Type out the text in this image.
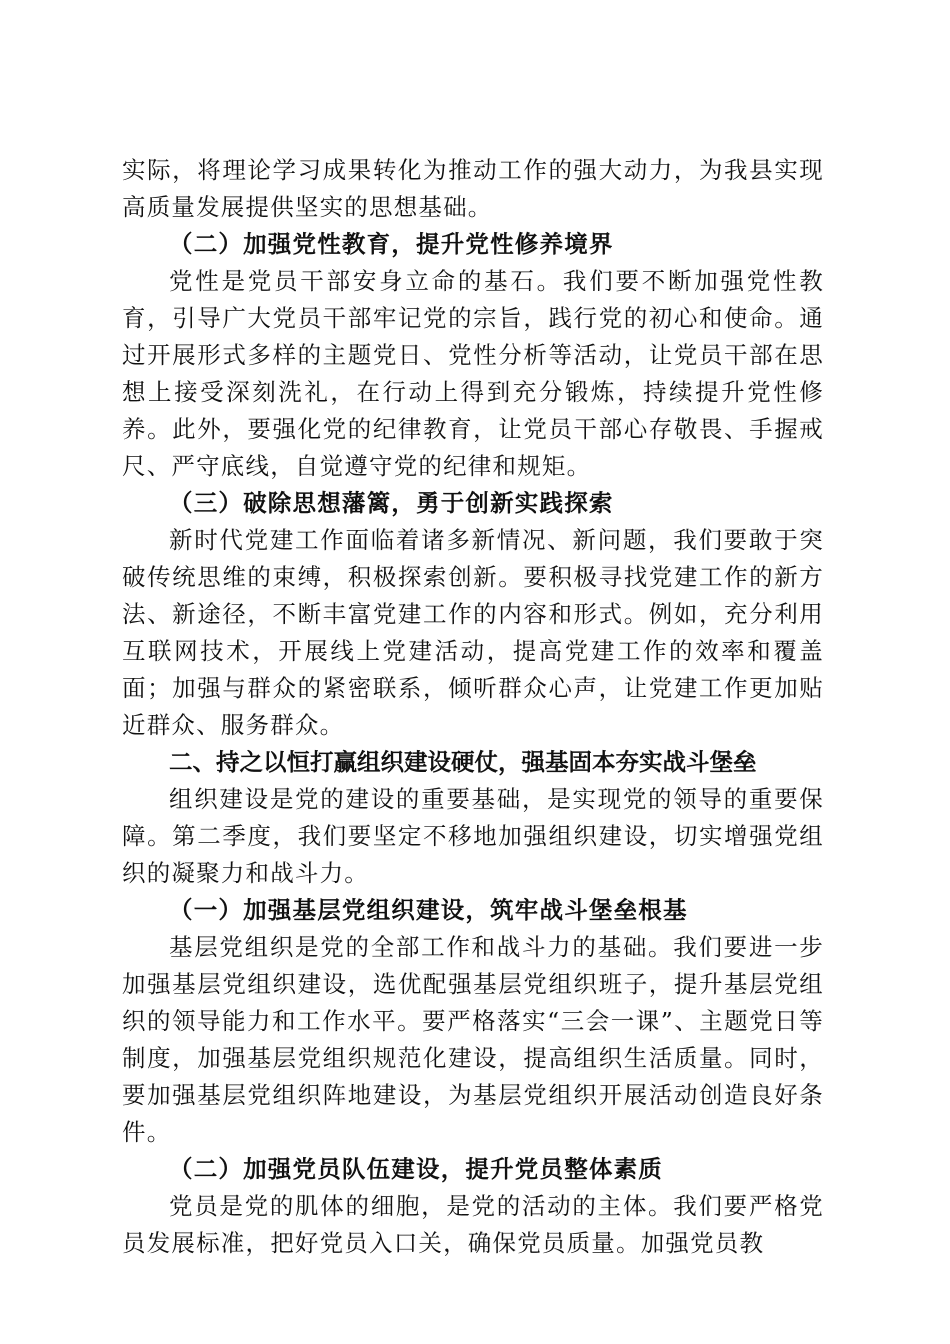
实际，将理论学习成果转化为推动工作的强大动力，为我县实现高质量发展提供坚实的思想基础。

（二）加强党性教育，提升党性修养境界

党性是党员干部安身立命的基石。我们要不断加强党性教育，引导广大党员干部牢记党的宗旨，践行党的初心和使命。通过开展形式多样的主题党日、党性分析等活动，让党员干部在思想上接受深刻洗礼，在行动上得到充分锻炼，持续提升党性修养。此外，要强化党的纪律教育，让党员干部心存敬畏、手握戒尺、严守底线，自觉遵守党的纪律和规矩。

（三）破除思想藩篱，勇于创新实践探索

新时代党建工作面临着诸多新情况、新问题，我们要敢于突破传统思维的束缚，积极探索创新。要积极寻找党建工作的新方法、新途径，不断丰富党建工作的内容和形式。例如，充分利用互联网技术，开展线上党建活动，提高党建工作的效率和覆盖面；加强与群众的紧密联系，倾听群众心声，让党建工作更加贴近群众、服务群众。

二、持之以恒打赢组织建设硬仗，强基固本夯实战斗堡垒

组织建设是党的建设的重要基础，是实现党的领导的重要保障。第二季度，我们要坚定不移地加强组织建设，切实增强党组织的凝聚力和战斗力。

（一）加强基层党组织建设，筑牢战斗堡垒根基

基层党组织是党的全部工作和战斗力的基础。我们要进一步加强基层党组织建设，选优配强基层党组织班子，提升基层党组织的领导能力和工作水平。要严格落实“三会一课”、主题党日等制度，加强基层党组织规范化建设，提高组织生活质量。同时，要加强基层党组织阵地建设，为基层党组织开展活动创造良好条件。

（二）加强党员队伍建设，提升党员整体素质

党员是党的肌体的细胞，是党的活动的主体。我们要严格党员发展标准，把好党员入口关，确保党员质量。加强党员教
